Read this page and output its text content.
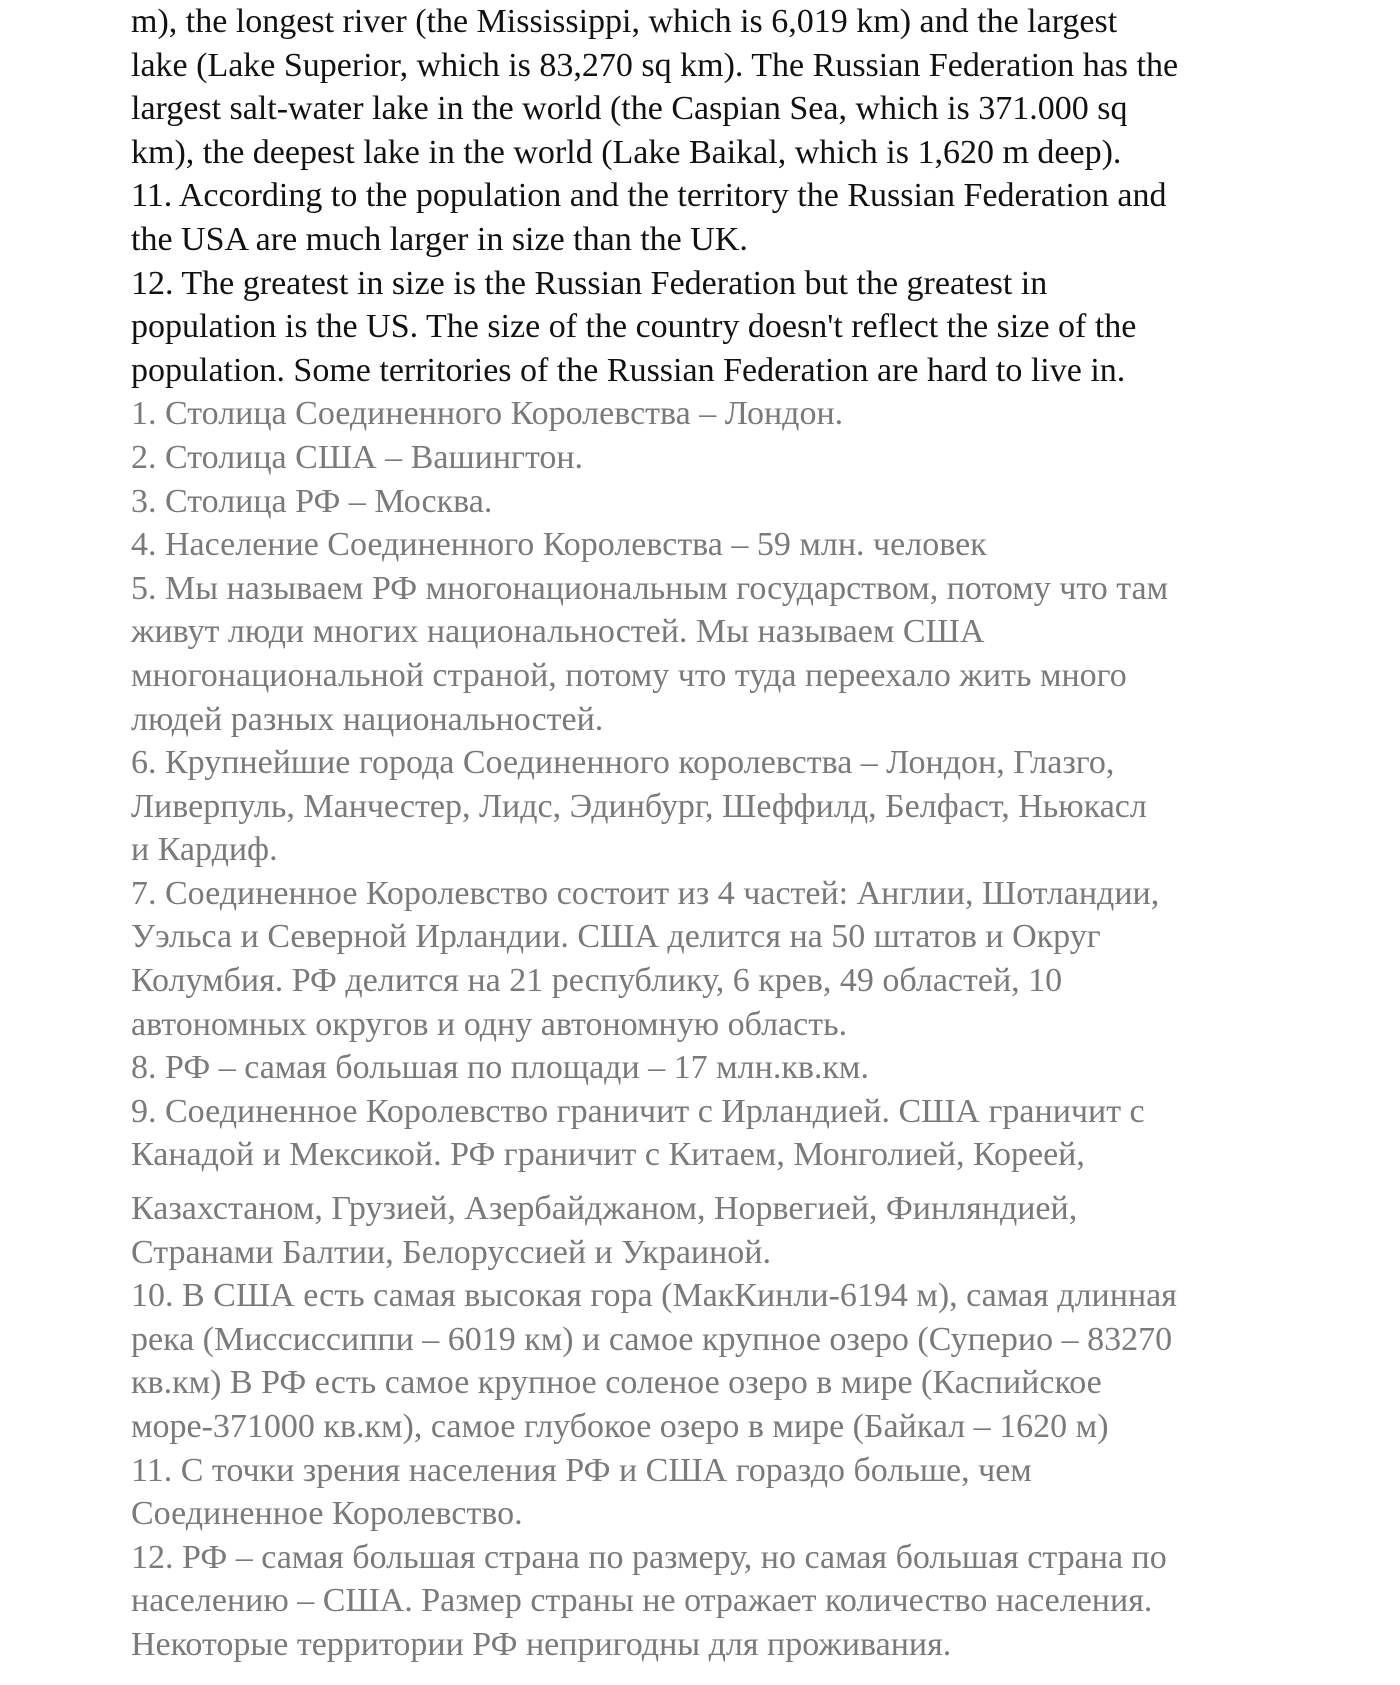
m), the longest river (the Mississippi, which is 6,019 km) and the largest
lake (Lake Superior, which is 83,270 sq km). The Russian Federation has the
largest salt-water lake in the world (the Caspian Sea, which is 371.000 sq
km), the deepest lake in the world (Lake Baikal, which is 1,620 m deep).

11. According to the population and the territory the Russian Federation and
the USA are much larger in size than the UK.

12. The greatest in size is the Russian Federation but the greatest in
population is the US. The size of the country doesn't reflect the size of the
population. Some territories of the Russian Federation are hard to live in.

1. Столица Соединенного Королевства – Лондон.

2. Столица США – Вашингтон.

3. Столица РФ – Москва.

4. Население Соединенного Королевства – 59 млн. человек

5. Мы называем РФ многонациональным государством, потому что там
живут люди многих национальностей. Мы называем США
многонациональной страной, потому что туда переехало жить много
людей разных национальностей.

6. Крупнейшие города Соединенного королевства – Лондон, Глазго,
Ливерпуль, Манчестер, Лидс, Эдинбург, Шеффилд, Белфаст, Ньюкасл
и Кардиф.

7. Соединенное Королевство состоит из 4 частей: Англии, Шотландии,
Уэльса и Северной Ирландии. США делится на 50 штатов и Округ
Колумбия. РФ делится на 21 республику, 6 крев, 49 областей, 10
автономных округов и одну автономную область.

8. РФ – самая большая по площади – 17 млн.кв.км.

9. Соединенное Королевство граничит с Ирландией. США граничит с
Канадой и Мексикой. РФ граничит с Китаем, Монголией, Кореей,

Казахстаном, Грузией, Азербайджаном, Норвегией, Финляндией,
Странами Балтии, Белоруссией и Украиной.

10. В США есть самая высокая гора (МакКинли-6194 м), самая длинная
река (Миссиссиппи – 6019 км) и самое крупное озеро (Суперио – 83270
кв.км) В РФ есть самое крупное соленое озеро в мире (Каспийское
море-371000 кв.км), самое глубокое озеро в мире (Байкал – 1620 м)

11. С точки зрения населения РФ и США гораздо больше, чем
Соединенное Королевство.

12. РФ – самая большая страна по размеру, но самая большая страна по
населению – США. Размер страны не отражает количество населения.
Некоторые территории РФ непригодны для проживания.
